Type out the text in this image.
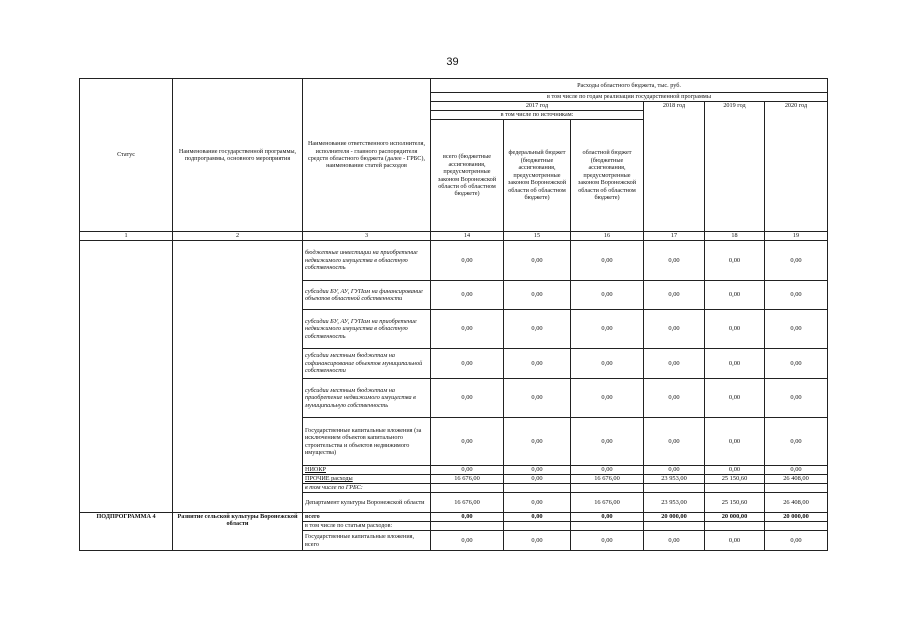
39
Статус	Наименование государственной программы, подпрограммы, основного мероприятия	Наименование ответственного исполнителя, исполнителя - главного распорядителя средств областного бюджета (далее - ГРБС), наименование статей расходов	Расходы областного бюджета, тыс. руб.					
			в том числе по годам реализации государственной программы					
			2017 год			2018 год	2019 год	2020 год
			в том числе по источникам:					
			всего (бюджетные ассигнования, предусмотренные законом Воронежской области об областном бюджете)	федеральный бюджет (бюджетные ассигнования, предусмотренные законом Воронежской области об областном бюджете)	областной бюджет (бюджетные ассигнования, предусмотренные законом Воронежской области об областном бюджете)			
1	2	3	14	15	16	17	18	19
		бюджетные инвестиции на приобретение недвижимого имущества в областную собственность	0,00	0,00	0,00	0,00	0,00	0,00
		субсидии БУ, АУ, ГУПам на финансирование объектов областной собственности	0,00	0,00	0,00	0,00	0,00	0,00
		субсидии БУ, АУ, ГУПам на приобретение недвижимого имущества в областную собственность	0,00	0,00	0,00	0,00	0,00	0,00
		субсидии местным бюджетам на софинансирование объектов муниципальной собственности	0,00	0,00	0,00	0,00	0,00	0,00
		субсидии местным бюджетам на приобретение недвижимого имущества в муниципальную собственность	0,00	0,00	0,00	0,00	0,00	0,00
		Государственные капитальные вложения (за исключением объектов капитального строительства и объектов недвижимого имущества)	0,00	0,00	0,00	0,00	0,00	0,00
		НИОКР	0,00	0,00	0,00	0,00	0,00	0,00
		ПРОЧИЕ расходы	16 676,00	0,00	16 676,00	23 953,00	25 150,60	26 408,00
		в том числе по ГРБС:						
		Департамент культуры Воронежской области	16 676,00	0,00	16 676,00	23 953,00	25 150,60	26 408,00
ПОДПРОГРАММА 4	Развитие сельской культуры Воронежской области	всего	0,00	0,00	0,00	20 000,00	20 000,00	20 000,00
		в том числе по статьям расходов:						
		Государственные капитальные вложения, всего	0,00	0,00	0,00	0,00	0,00	0,00
